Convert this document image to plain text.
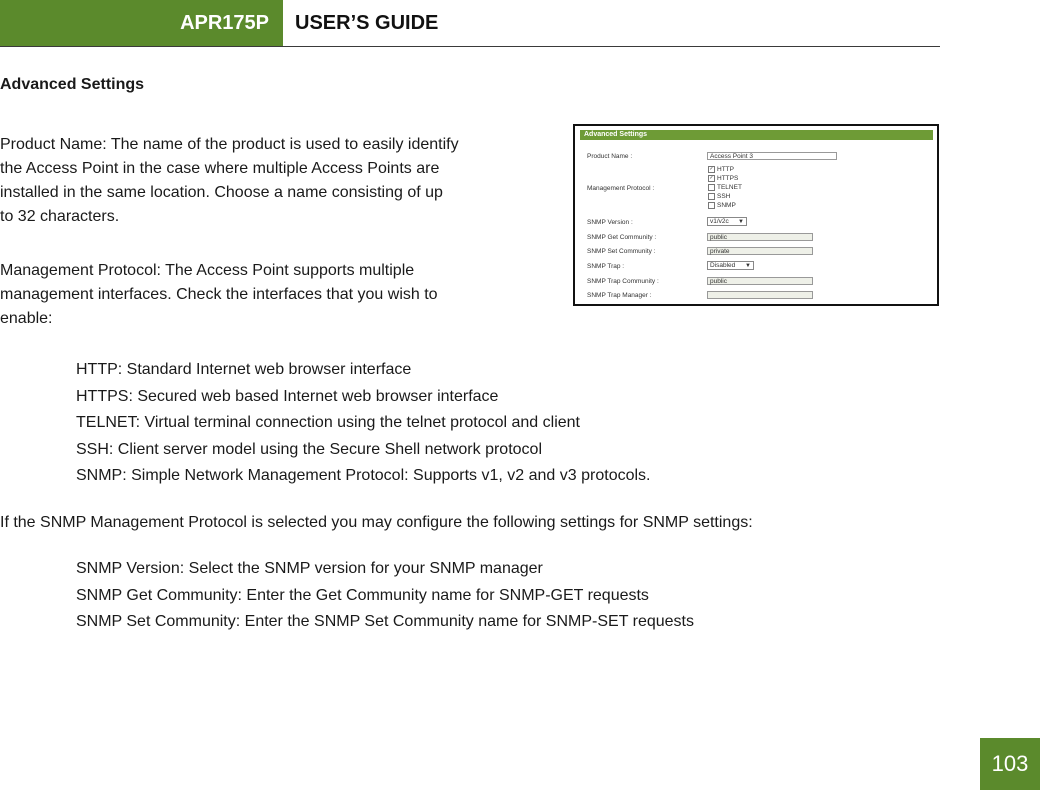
APR175P	USER’S GUIDE
Advanced Settings
Product Name: The name of the product is used to easily identify
the Access Point in the case where multiple Access Points are
installed in the same location. Choose a name consisting of up
to 32 characters.
Management Protocol: The Access Point supports multiple
management interfaces. Check the interfaces that you wish to
enable:
HTTP: Standard Internet web browser interface
HTTPS: Secured web based Internet web browser interface
TELNET: Virtual terminal connection using the telnet protocol and client
SSH: Client server model using the Secure Shell network protocol
SNMP: Simple Network Management Protocol: Supports v1, v2 and v3 protocols.
If the SNMP Management Protocol is selected you may configure the following settings for SNMP settings:
SNMP Version: Select the SNMP version for your SNMP manager
SNMP Get Community: Enter the Get Community name for SNMP-GET requests
SNMP Set Community: Enter the SNMP Set Community name for SNMP-SET requests
Advanced Settings
Product Name :	Access Point 3
Management Protocol :
✓ HTTP
✓ HTTPS
TELNET
SSH
SNMP
SNMP Version :	v1/v2c ▼
SNMP Get Community :	public
SNMP Set Community :	private
SNMP Trap :	Disabled ▼
SNMP Trap Community :	public
SNMP Trap Manager :
103
